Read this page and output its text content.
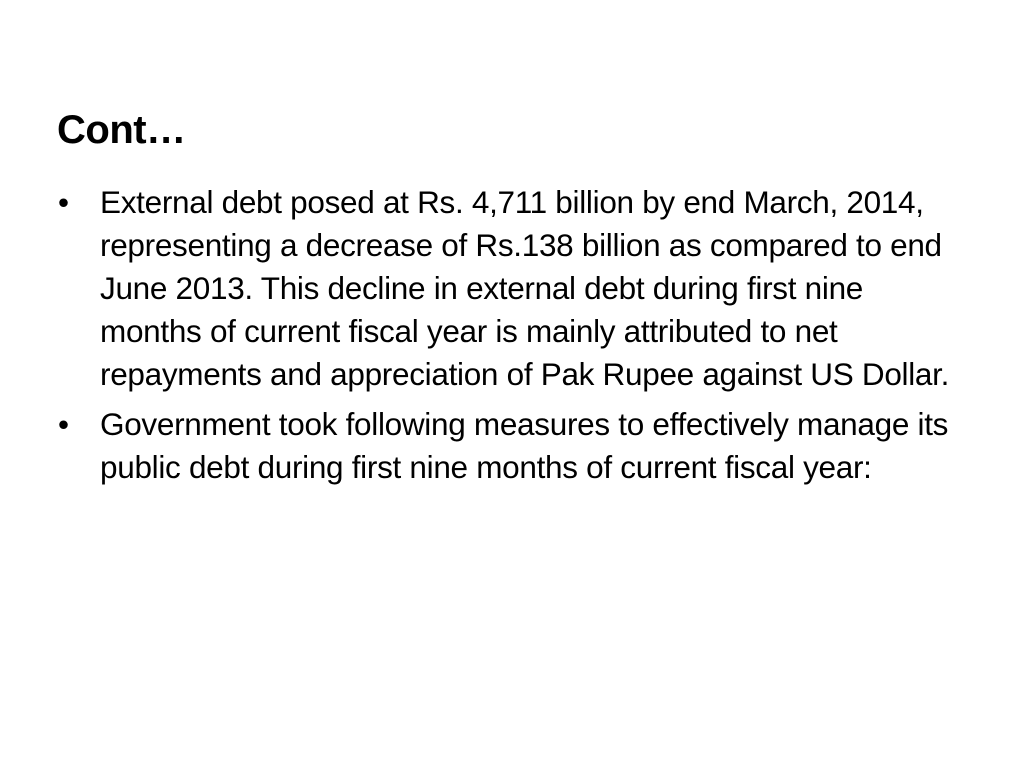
Cont…
• External debt posed at Rs. 4,711 billion by end March, 2014, representing a decrease of Rs.138 billion as compared to end June 2013. This decline in external debt during first nine months of current fiscal year is mainly attributed to net repayments and appreciation of Pak Rupee against US Dollar.
• Government took following measures to effectively manage its public debt during first nine months of current fiscal year:
